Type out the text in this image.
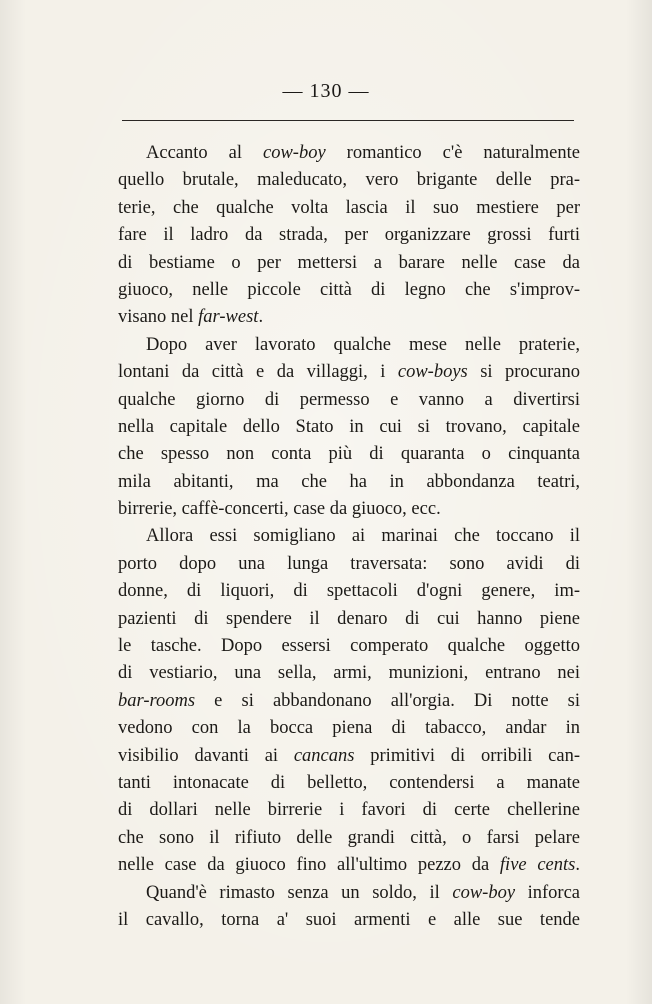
— 130 —
Accanto al cow-boy romantico c'è naturalmente
quello brutale, maleducato, vero brigante delle pra-
terie, che qualche volta lascia il suo mestiere per
fare il ladro da strada, per organizzare grossi furti
di bestiame o per mettersi a barare nelle case da
giuoco, nelle piccole città di legno che s'improv-
visano nel far-west.
Dopo aver lavorato qualche mese nelle praterie,
lontani da città e da villaggi, i cow-boys si procurano
qualche giorno di permesso e vanno a divertirsi
nella capitale dello Stato in cui si trovano, capitale
che spesso non conta più di quaranta o cinquanta
mila abitanti, ma che ha in abbondanza teatri,
birrerie, caffè-concerti, case da giuoco, ecc.
Allora essi somigliano ai marinai che toccano il
porto dopo una lunga traversata: sono avidi di
donne, di liquori, di spettacoli d'ogni genere, im-
pazienti di spendere il denaro di cui hanno piene
le tasche. Dopo essersi comperato qualche oggetto
di vestiario, una sella, armi, munizioni, entrano nei
bar-rooms e si abbandonano all'orgia. Di notte si
vedono con la bocca piena di tabacco, andar in
visibilio davanti ai cancans primitivi di orribili can-
tanti intonacate di belletto, contendersi a manate
di dollari nelle birrerie i favori di certe chellerine
che sono il rifiuto delle grandi città, o farsi pelare
nelle case da giuoco fino all'ultimo pezzo da five cents.
Quand'è rimasto senza un soldo, il cow-boy inforca
il cavallo, torna a' suoi armenti e alle sue tende
